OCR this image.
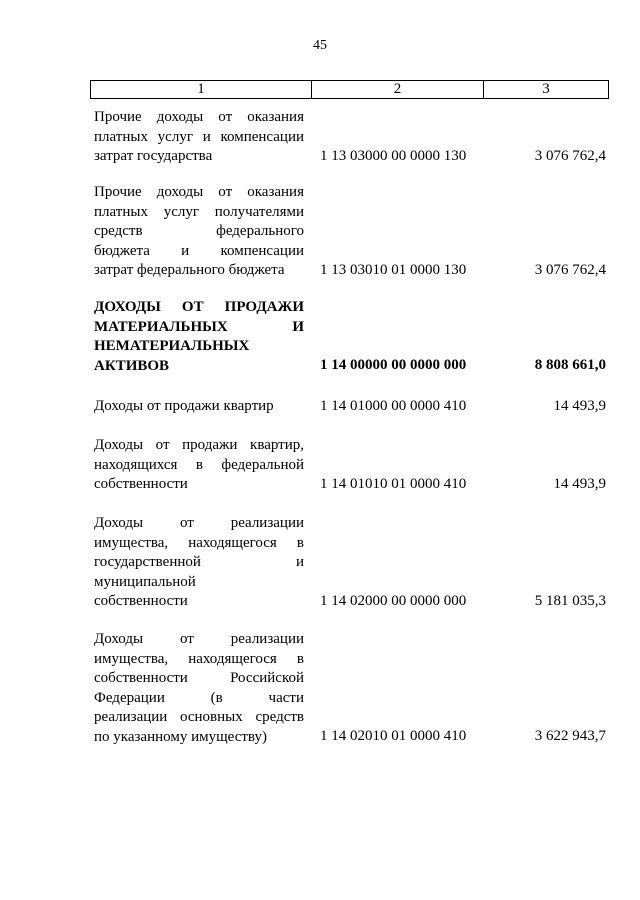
45
1	2	3
Прочие доходы от оказания
платных услуг и компенсации
затрат государства	1 13 03000 00 0000 130	3 076 762,4
Прочие доходы от оказания
платных услуг получателями
средств федерального
бюджета и компенсации
затрат федерального бюджета	1 13 03010 01 0000 130	3 076 762,4
ДОХОДЫ ОТ ПРОДАЖИ
МАТЕРИАЛЬНЫХ И
НЕМАТЕРИАЛЬНЫХ
АКТИВОВ	1 14 00000 00 0000 000	8 808 661,0
Доходы от продажи квартир	1 14 01000 00 0000 410	14 493,9
Доходы от продажи квартир,
находящихся в федеральной
собственности	1 14 01010 01 0000 410	14 493,9
Доходы от реализации
имущества, находящегося в
государственной и
муниципальной
собственности	1 14 02000 00 0000 000	5 181 035,3
Доходы от реализации
имущества, находящегося в
собственности Российской
Федерации (в части
реализации основных средств
по указанному имуществу)	1 14 02010 01 0000 410	3 622 943,7
